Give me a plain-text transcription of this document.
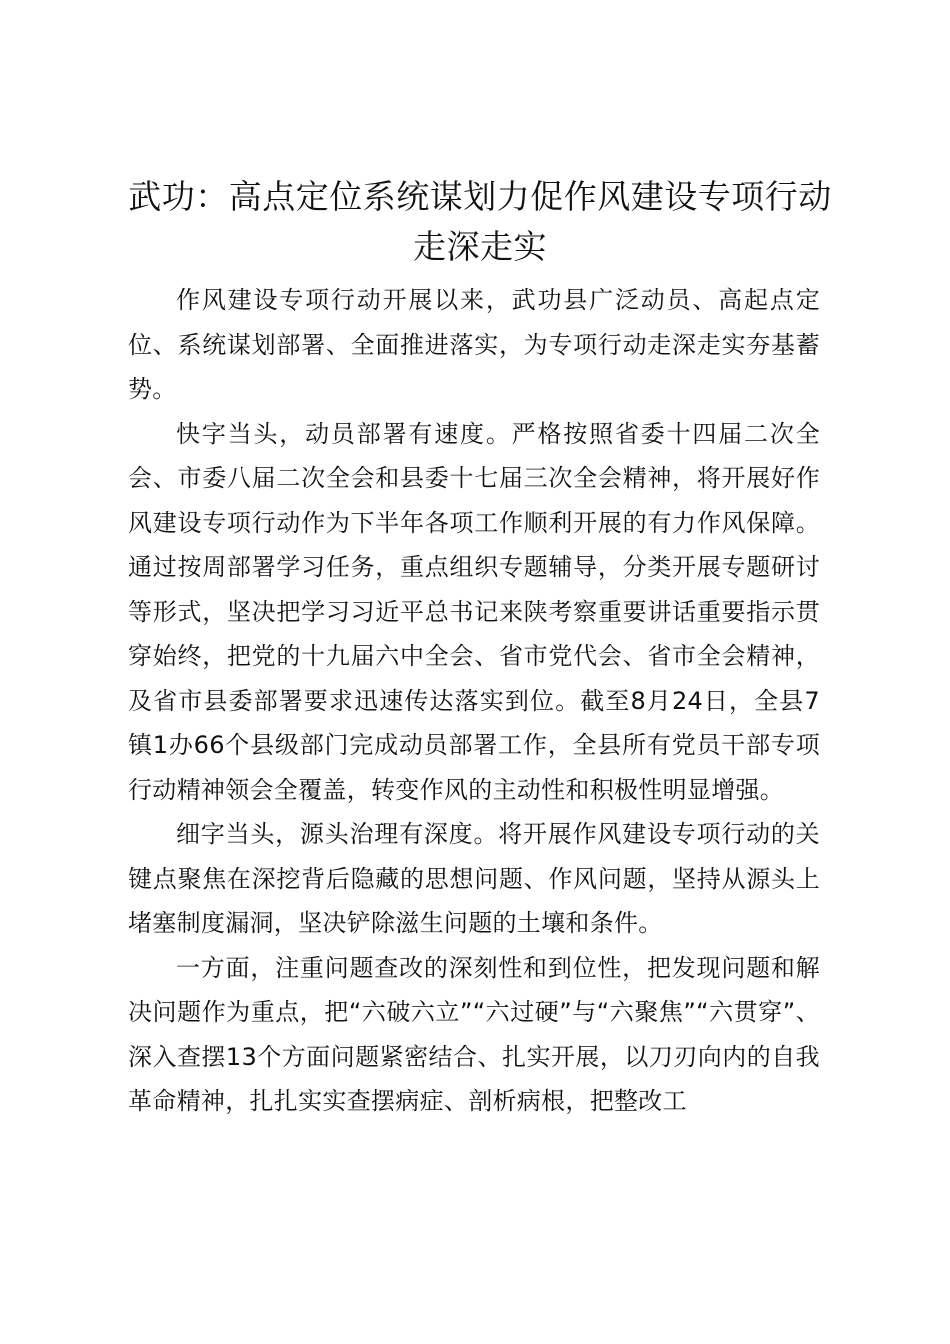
武功：高点定位系统谋划力促作风建设专项行动走深走实

作风建设专项行动开展以来，武功县广泛动员、高起点定位、系统谋划部署、全面推进落实，为专项行动走深走实夯基蓄势。

快字当头，动员部署有速度。严格按照省委十四届二次全会、市委八届二次全会和县委十七届三次全会精神，将开展好作风建设专项行动作为下半年各项工作顺利开展的有力作风保障。通过按周部署学习任务，重点组织专题辅导，分类开展专题研讨等形式，坚决把学习习近平总书记来陕考察重要讲话重要指示贯穿始终，把党的十九届六中全会、省市党代会、省市全会精神，及省市县委部署要求迅速传达落实到位。截至8月24日，全县7镇1办66个县级部门完成动员部署工作，全县所有党员干部专项行动精神领会全覆盖，转变作风的主动性和积极性明显增强。

细字当头，源头治理有深度。将开展作风建设专项行动的关键点聚焦在深挖背后隐藏的思想问题、作风问题，坚持从源头上堵塞制度漏洞，坚决铲除滋生问题的土壤和条件。

一方面，注重问题查改的深刻性和到位性，把发现问题和解决问题作为重点，把“六破六立”“六过硬”与“六聚焦”“六贯穿”、深入查摆13个方面问题紧密结合、扎实开展，以刀刃向内的自我革命精神，扎扎实实查摆病症、剖析病根，把整改工
